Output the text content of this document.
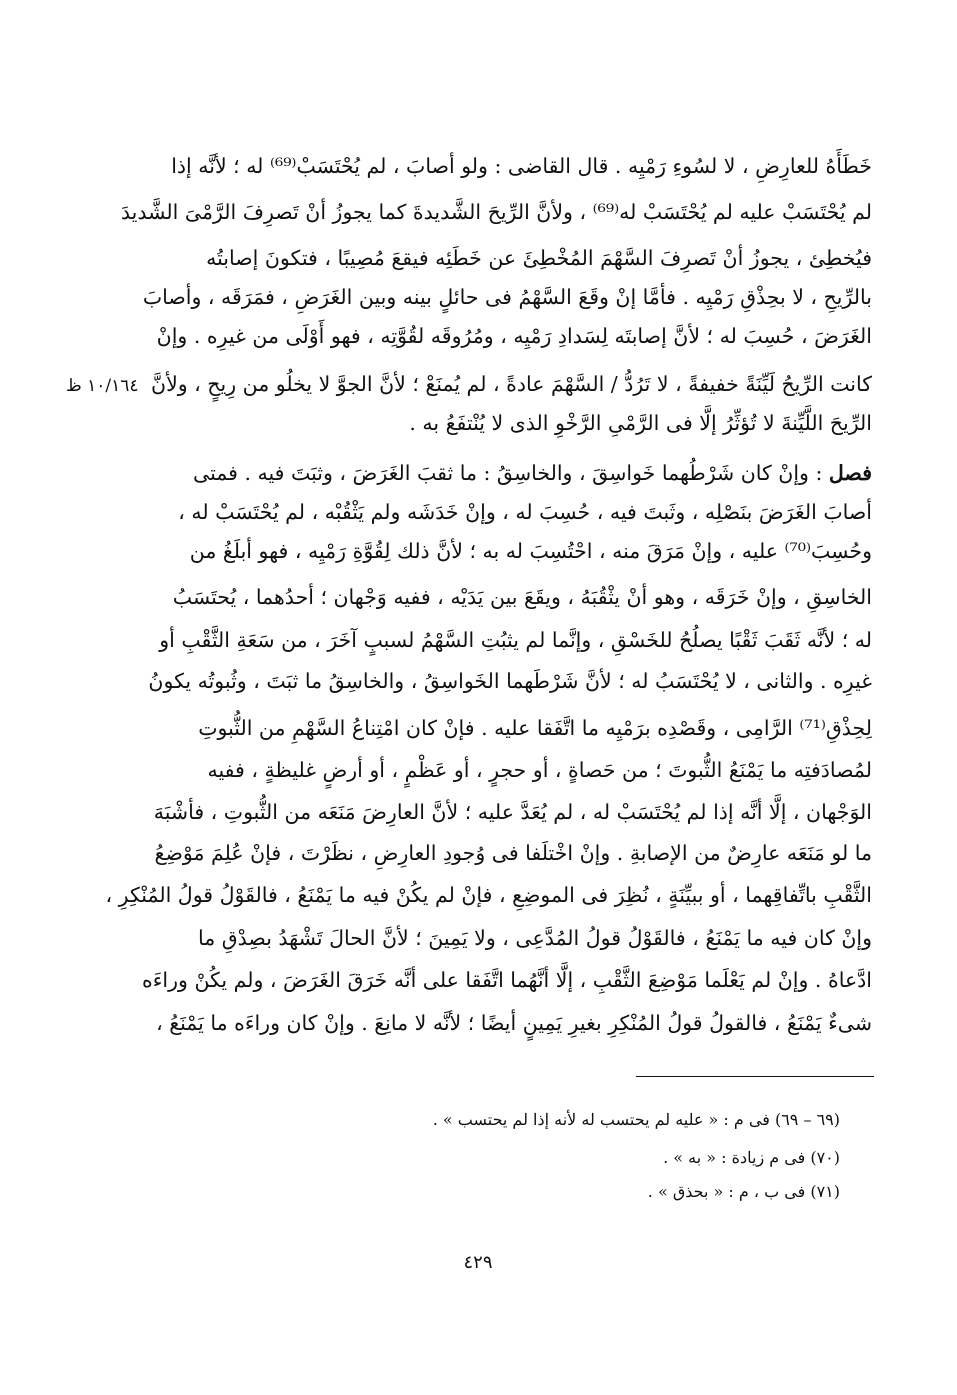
خَطَأَهُ للعارِضِ ، لا لسُوءِ رَمْيِه . قال القاضى : ولو أصابَ ، لم يُحْتَسَبْ⁽⁶⁹⁾ له ؛ لأنَّه إذا
لم يُحْتَسَبْ عليه لم يُحْتَسَبْ له⁽⁶⁹⁾ ، ولأنَّ الرِّيحَ الشَّديدةَ كما يجوزُ أنْ تَصرِفَ الرَّمْىَ الشَّديدَ
فيُخطِئ ، يجوزُ أنْ تَصرِفَ السَّهْمَ المُخْطِئَ عن خَطَئِه فيقعَ مُصِيبًا ، فتكونَ إصابتُه
بالرِّيحِ ، لا بحِذْقِ رَمْيِه . فأمَّا إنْ وقَعَ السَّهْمُ فى حائلٍ بينه وبين الغَرَضِ ، فمَرَقَه ، وأصابَ
الغَرَضَ ، حُسِبَ له ؛ لأنَّ إصابتَه لِسَدادِ رَمْيِه ، ومُرُوقَه لقُوَّتِه ، فهو أَوْلَى من غيرِه . وإنْ
كانت الرِّيحُ لَيِّنَةً خفيفةً ، لا تَرُدُّ / السَّهْمَ عادةً ، لم يُمنَعْ ؛ لأنَّ الجوَّ لا يخلُو من رِيحٍ ، ولأنَّ
الرِّيحَ اللَّيِّنةَ لا تُؤثِّرُ إلَّا فى الرَّمْىِ الرَّخْوِ الذى لا يُنْتفَعُ به .
فصل : وإنْ كان شَرْطُهما خَواسِقَ ، والخاسِقُ : ما ثقبَ الغَرَضَ ، وثبَتَ فيه . فمتى
أصابَ الغَرَضَ بنَصْلِه ، وثَبتَ فيه ، حُسِبَ له ، وإنْ خَدَشَه ولم يَثْقُبْه ، لم يُحْتَسَبْ له ،
وحُسِبَ⁽⁷⁰⁾ عليه ، وإنْ مَرَقَ منه ، احْتُسِبَ له به ؛ لأنَّ ذلك لِقُوَّةِ رَمْيِه ، فهو أبلَغُ من
الخاسِقِ ، وإنْ خَرَقَه ، وهو أنْ يثْقُبَهُ ، ويقَعَ بين يَدَيْه ، ففيه وَجْهان ؛ أحدُهما ، يُحتَسَبُ
له ؛ لأنَّه ثَقَبَ ثَقْبًا يصلُحُ للخَسْقِ ، وإنَّما لم يثبُتِ السَّهْمُ لسببٍ آخَرَ ، من سَعَةِ الثَّقْبِ أو
غيرِه . والثانى ، لا يُحْتَسَبُ له ؛ لأنَّ شَرْطَهما الخَواسِقُ ، والخاسِقُ ما ثبَتَ ، وثُبوتُه يكونُ
لِحِذْقِ⁽⁷¹⁾ الرَّامِى ، وقَصْدِه برَمْيِه ما اتَّفَقا عليه . فإنْ كان امْتِناعُ السَّهْمِ من الثُّبوتِ
لمُصادَفتِه ما يَمْنَعُ الثُّبوتَ ؛ من حَصاةٍ ، أو حجرٍ ، أو عَظْمٍ ، أو أرضٍ غليظةٍ ، ففيه
الوَجْهان ، إلَّا أنَّه إذا لم يُحْتَسَبْ له ، لم يُعَدَّ عليه ؛ لأنَّ العارِضَ مَنَعَه من الثُّبوتِ ، فأشْبَهَ
ما لو مَنَعَه عارِضٌ من الإصابةِ . وإنْ اخْتلَفا فى وُجودِ العارِضِ ، نظَرْتَ ، فإنْ عُلِمَ مَوْضِعُ
الثَّقْبِ باتِّفاقِهما ، أو ببيِّنَةٍ ، نُظِرَ فى الموضِعِ ، فإنْ لم يكُنْ فيه ما يَمْنَعُ ، فالقَوْلُ قولُ المُنْكِرِ ،
وإنْ كان فيه ما يَمْنَعُ ، فالقَوْلُ قولُ المُدَّعِى ، ولا يَمِينَ ؛ لأنَّ الحالَ تَشْهَدُ بصِدْقِ ما
ادَّعاهُ . وإنْ لم يَعْلَما مَوْضِعَ الثَّقْبِ ، إلَّا أنَّهُما اتَّفَقا على أنَّه خَرَقَ الغَرَضَ ، ولم يكُنْ وراءَه
شىءٌ يَمْنَعُ ، فالقولُ قولُ المُنْكِرِ بغيرِ يَمِينٍ أيضًا ؛ لأنَّه لا مانِعَ . وإنْ كان وراءَه ما يَمْنَعُ ،
١٠/١٦٤ ظ
(٦٩ – ٦٩) فى م : « عليه لم يحتسب له لأنه إذا لم يحتسب » .
(٧٠) فى م زيادة : « به » .
(٧١) فى ب ، م : « بحذق » .
٤٢٩
